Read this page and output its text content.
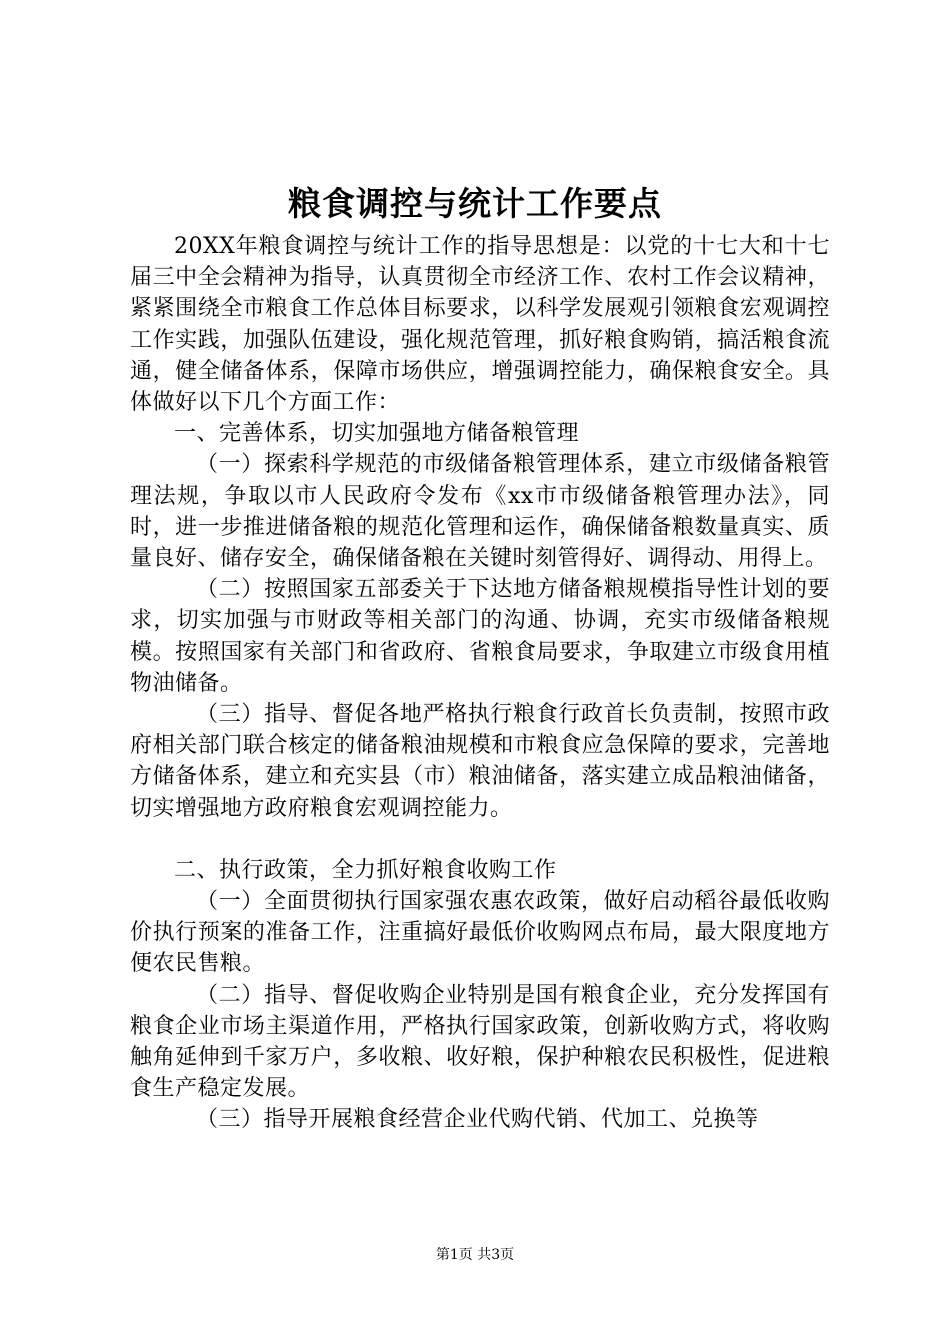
粮食调控与统计工作要点

20XX年粮食调控与统计工作的指导思想是：以党的十七大和十七届三中全会精神为指导，认真贯彻全市经济工作、农村工作会议精神，紧紧围绕全市粮食工作总体目标要求，以科学发展观引领粮食宏观调控工作实践，加强队伍建设，强化规范管理，抓好粮食购销，搞活粮食流通，健全储备体系，保障市场供应，增强调控能力，确保粮食安全。具体做好以下几个方面工作：

一、完善体系，切实加强地方储备粮管理

（一）探索科学规范的市级储备粮管理体系，建立市级储备粮管理法规，争取以市人民政府令发布《xx市市级储备粮管理办法》，同时，进一步推进储备粮的规范化管理和运作，确保储备粮数量真实、质量良好、储存安全，确保储备粮在关键时刻管得好、调得动、用得上。

（二）按照国家五部委关于下达地方储备粮规模指导性计划的要求，切实加强与市财政等相关部门的沟通、协调，充实市级储备粮规模。按照国家有关部门和省政府、省粮食局要求，争取建立市级食用植物油储备。

（三）指导、督促各地严格执行粮食行政首长负责制，按照市政府相关部门联合核定的储备粮油规模和市粮食应急保障的要求，完善地方储备体系，建立和充实县（市）粮油储备，落实建立成品粮油储备，切实增强地方政府粮食宏观调控能力。

二、执行政策，全力抓好粮食收购工作

（一）全面贯彻执行国家强农惠农政策，做好启动稻谷最低收购价执行预案的准备工作，注重搞好最低价收购网点布局，最大限度地方便农民售粮。

（二）指导、督促收购企业特别是国有粮食企业，充分发挥国有粮食企业市场主渠道作用，严格执行国家政策，创新收购方式，将收购触角延伸到千家万户，多收粮、收好粮，保护种粮农民积极性，促进粮食生产稳定发展。

（三）指导开展粮食经营企业代购代销、代加工、兑换等

第1页 共3页
